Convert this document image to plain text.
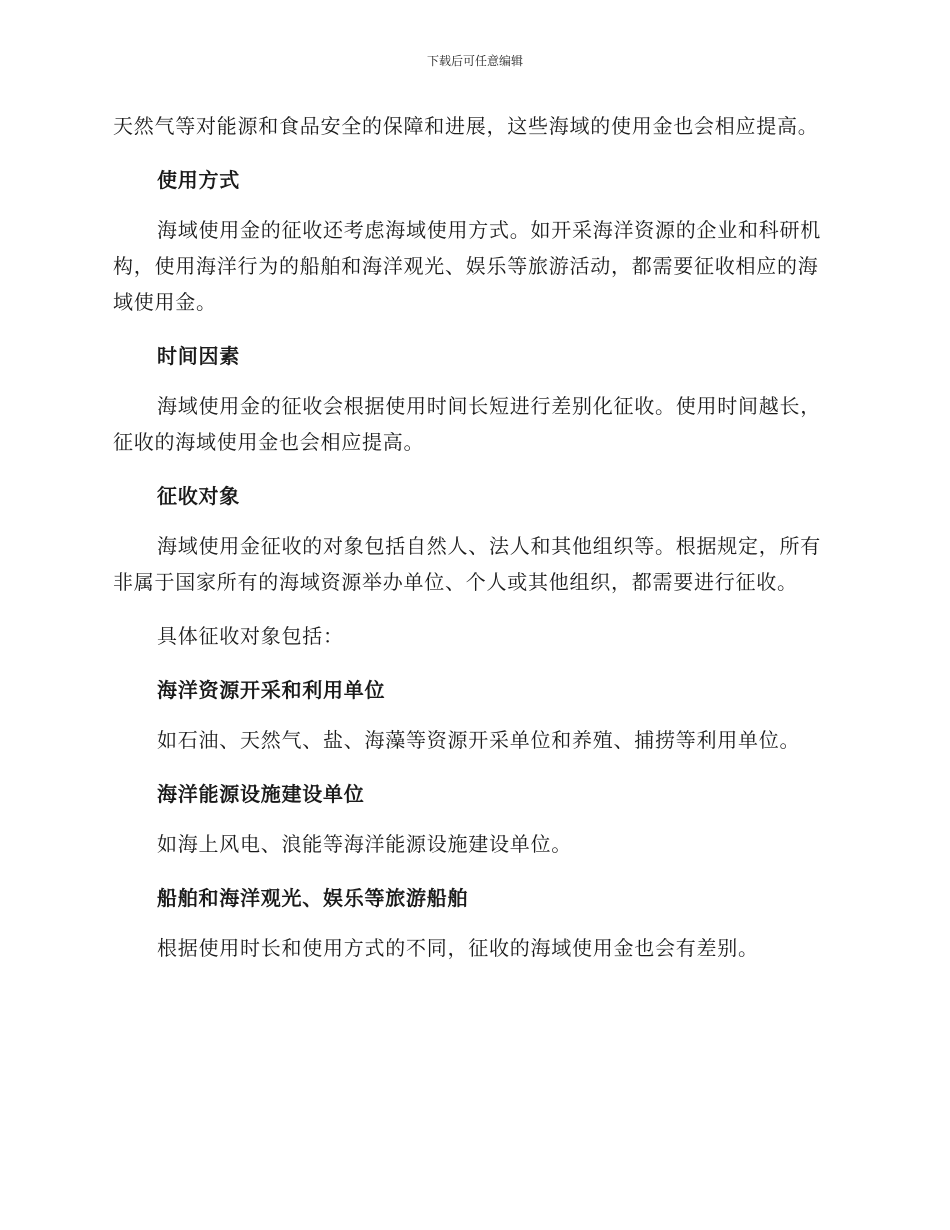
下载后可任意编辑

天然气等对能源和食品安全的保障和进展，这些海域的使用金也会相应提高。

使用方式

海域使用金的征收还考虑海域使用方式。如开采海洋资源的企业和科研机构，使用海洋行为的船舶和海洋观光、娱乐等旅游活动，都需要征收相应的海域使用金。

时间因素

海域使用金的征收会根据使用时间长短进行差别化征收。使用时间越长，征收的海域使用金也会相应提高。

征收对象

海域使用金征收的对象包括自然人、法人和其他组织等。根据规定，所有非属于国家所有的海域资源举办单位、个人或其他组织，都需要进行征收。

具体征收对象包括：

海洋资源开采和利用单位

如石油、天然气、盐、海藻等资源开采单位和养殖、捕捞等利用单位。

海洋能源设施建设单位

如海上风电、浪能等海洋能源设施建设单位。

船舶和海洋观光、娱乐等旅游船舶

根据使用时长和使用方式的不同，征收的海域使用金也会有差别。
